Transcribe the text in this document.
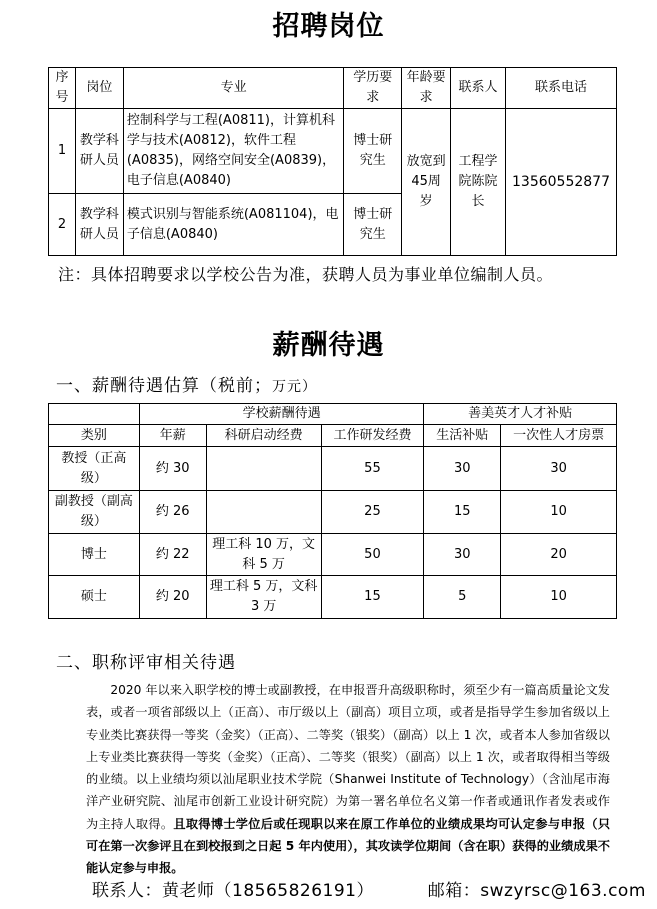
招聘岗位
序号	岗位	专业	学历要求	年龄要求	联系人	联系电话
1	教学科研人员	控制科学与工程(A0811)，计算机科学与技术(A0812)，软件工程(A0835)，网络空间安全(A0839)，电子信息(A0840)	博士研究生	放宽到45周岁	工程学院陈院长	13560552877
2	教学科研人员	模式识别与智能系统(A081104)，电子信息(A0840)	博士研究生			
注：具体招聘要求以学校公告为准，获聘人员为事业单位编制人员。
薪酬待遇
一、薪酬待遇估算（税前；万元）
	学校薪酬待遇			善美英才人才补贴	
类别	年薪	科研启动经费	工作研发经费	生活补贴	一次性人才房票
教授（正高级）	约 30		55	30	30
副教授（副高级）	约 26		25	15	10
博士	约 22	理工科 10 万，文科 5 万	50	30	20
硕士	约 20	理工科 5 万，文科 3 万	15	5	10
二、职称评审相关待遇
2020 年以来入职学校的博士或副教授，在申报晋升高级职称时，须至少有一篇高质量论文发表，或者一项省部级以上（正高）、市厅级以上（副高）项目立项，或者是指导学生参加省级以上专业类比赛获得一等奖（金奖）（正高）、二等奖（银奖）（副高）以上 1 次，或者本人参加省级以上专业类比赛获得一等奖（金奖）（正高）、二等奖（银奖）（副高）以上 1 次，或者取得相当等级的业绩。以上业绩均须以汕尾职业技术学院（Shanwei Institute of Technology）（含汕尾市海洋产业研究院、汕尾市创新工业设计研究院）为第一署名单位名义第一作者或通讯作者发表或作为主持人取得。且取得博士学位后或任现职以来在原工作单位的业绩成果均可认定参与申报（只可在第一次参评且在到校报到之日起 5 年内使用），其攻读学位期间（含在职）获得的业绩成果不能认定参与申报。
联系人：黄老师（18565826191）	邮箱：swzyrsc@163.com
